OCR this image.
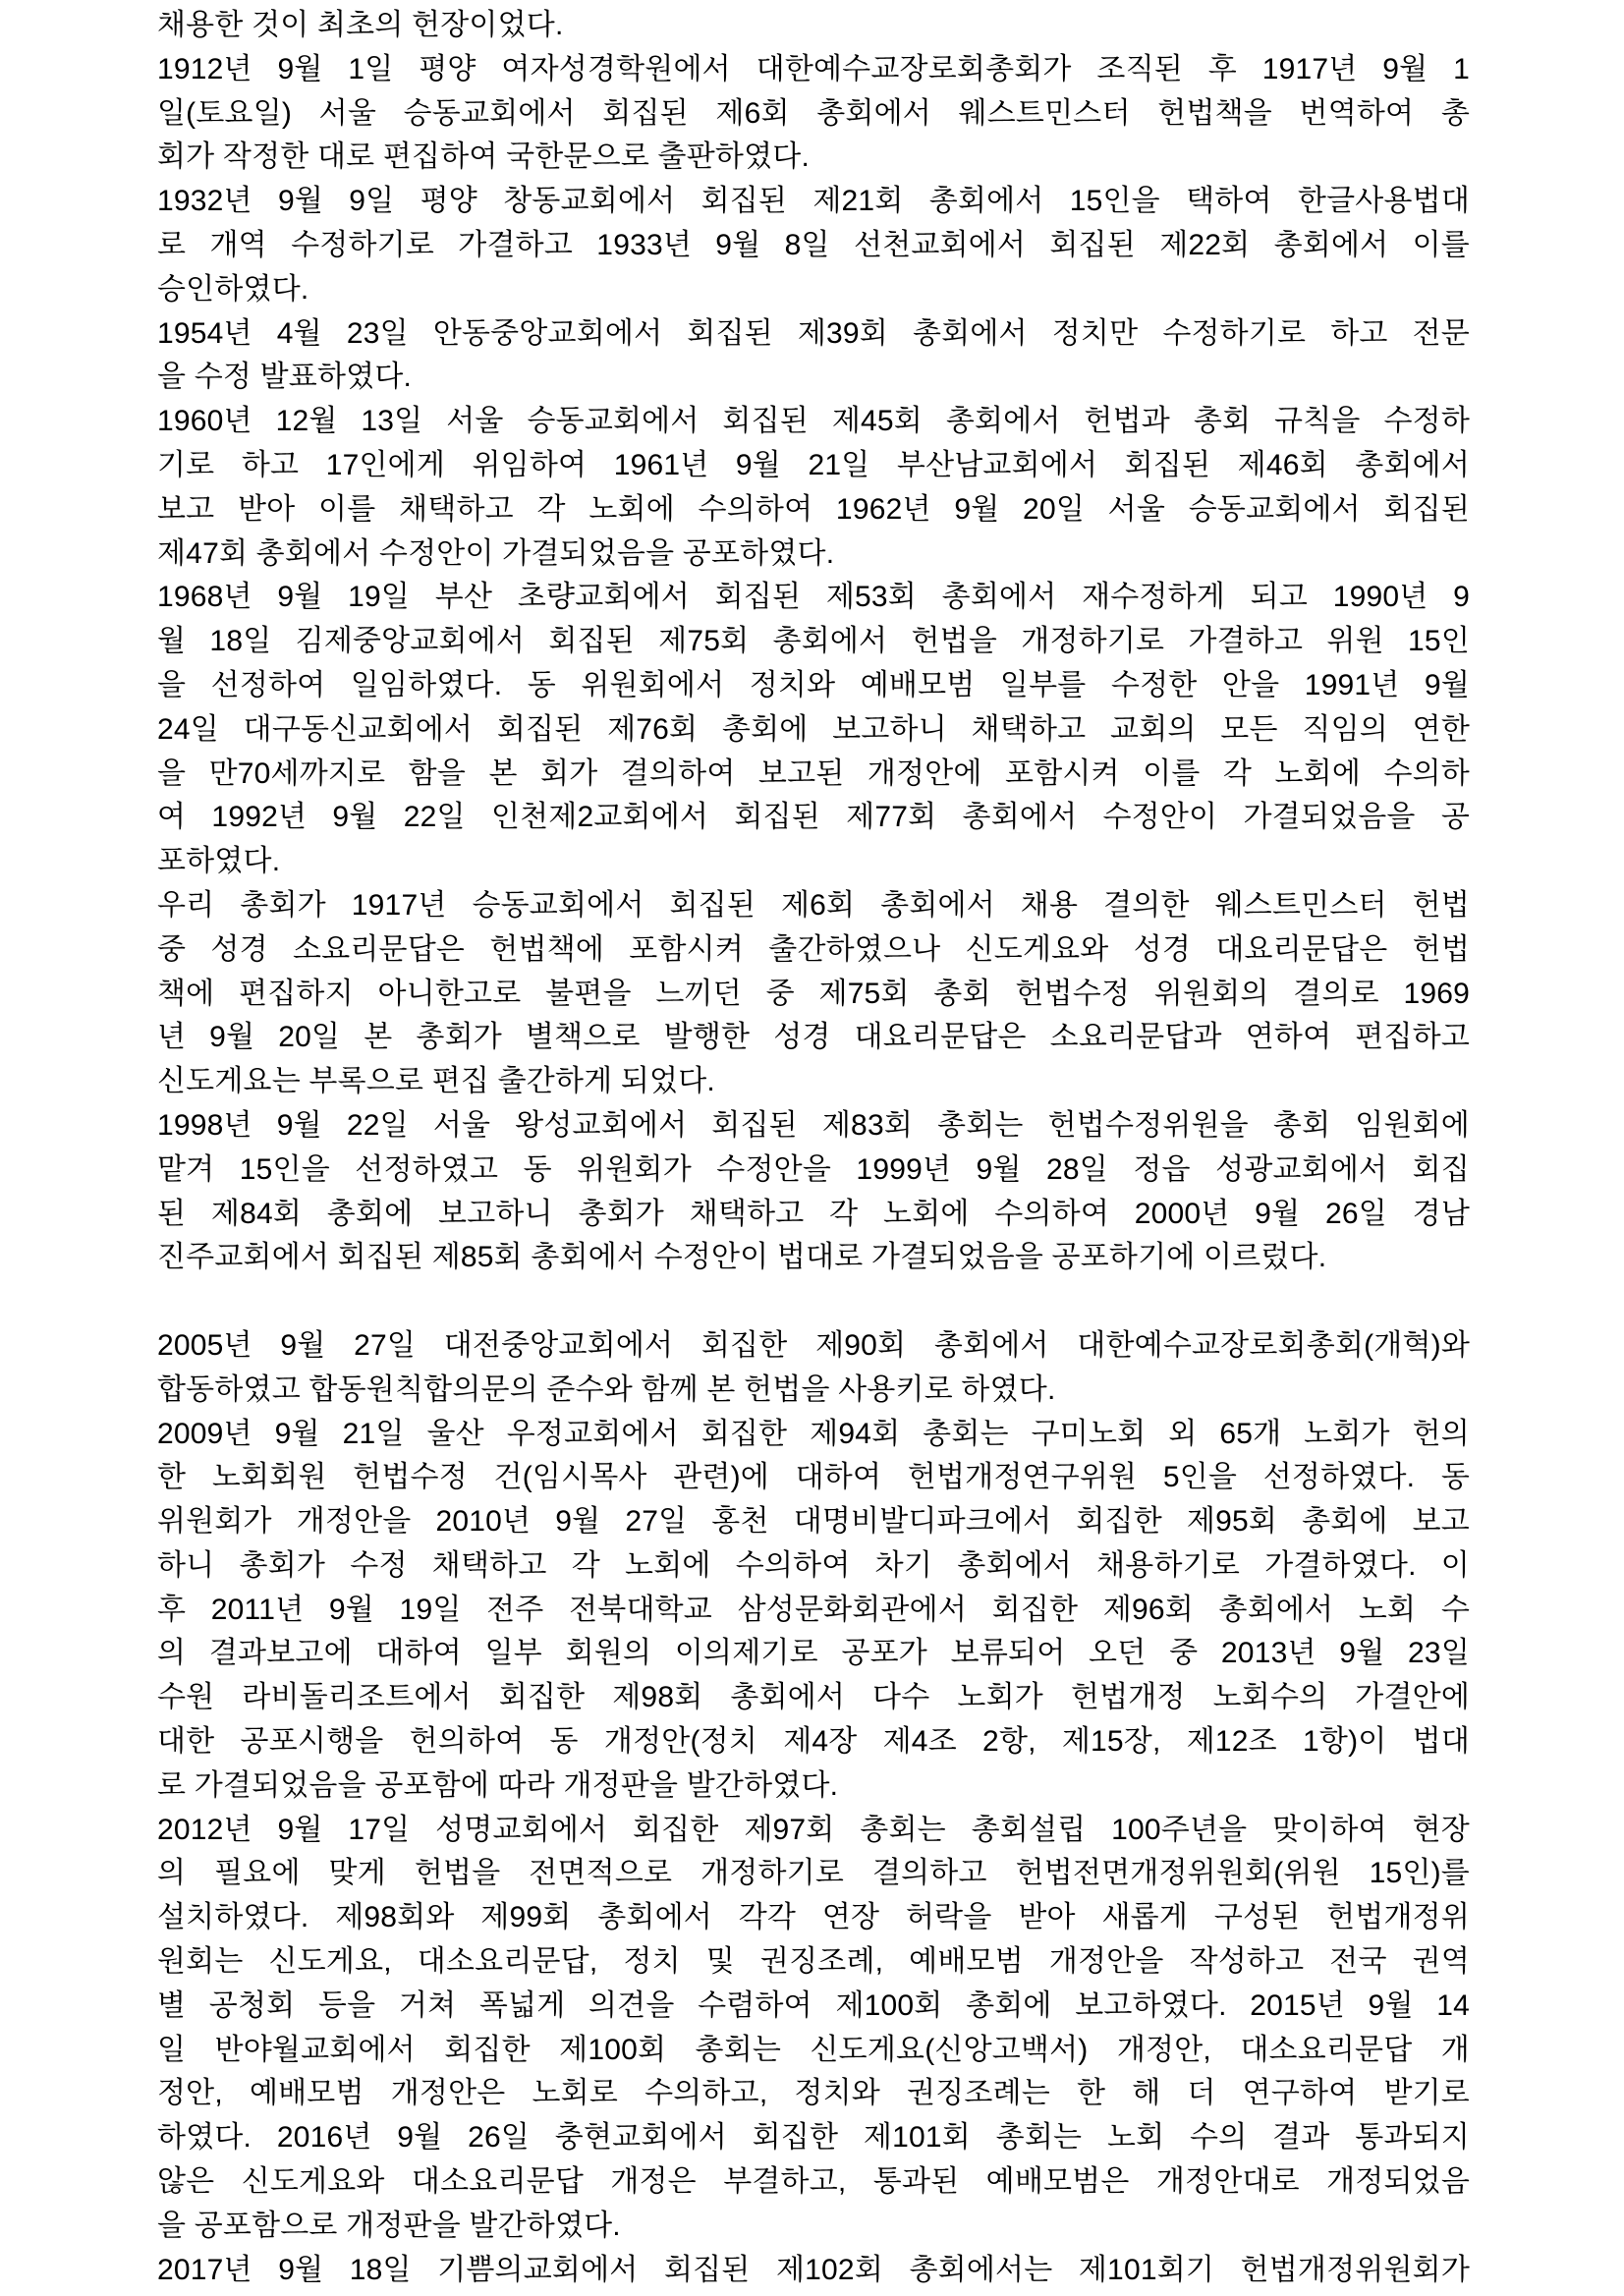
채용한 것이 최초의 헌장이었다.
1912년 9월 1일 평양 여자성경학원에서 대한예수교장로회총회가 조직된 후 1917년 9월 1
일(토요일) 서울 승동교회에서 회집된 제6회 총회에서 웨스트민스터 헌법책을 번역하여 총
회가 작정한 대로 편집하여 국한문으로 출판하였다.
1932년 9월 9일 평양 창동교회에서 회집된 제21회 총회에서 15인을 택하여 한글사용법대
로 개역 수정하기로 가결하고 1933년 9월 8일 선천교회에서 회집된 제22회 총회에서 이를
승인하였다.
1954년 4월 23일 안동중앙교회에서 회집된 제39회 총회에서 정치만 수정하기로 하고 전문
을 수정 발표하였다.
1960년 12월 13일 서울 승동교회에서 회집된 제45회 총회에서 헌법과 총회 규칙을 수정하
기로 하고 17인에게 위임하여 1961년 9월 21일 부산남교회에서 회집된 제46회 총회에서
보고 받아 이를 채택하고 각 노회에 수의하여 1962년 9월 20일 서울 승동교회에서 회집된
제47회 총회에서 수정안이 가결되었음을 공포하였다.
1968년 9월 19일 부산 초량교회에서 회집된 제53회 총회에서 재수정하게 되고 1990년 9
월 18일 김제중앙교회에서 회집된 제75회 총회에서 헌법을 개정하기로 가결하고 위원 15인
을 선정하여 일임하였다. 동 위원회에서 정치와 예배모범 일부를 수정한 안을 1991년 9월
24일 대구동신교회에서 회집된 제76회 총회에 보고하니 채택하고 교회의 모든 직임의 연한
을 만70세까지로 함을 본 회가 결의하여 보고된 개정안에 포함시켜 이를 각 노회에 수의하
여 1992년 9월 22일 인천제2교회에서 회집된 제77회 총회에서 수정안이 가결되었음을 공
포하였다.
우리 총회가 1917년 승동교회에서 회집된 제6회 총회에서 채용 결의한 웨스트민스터 헌법
중 성경 소요리문답은 헌법책에 포함시켜 출간하였으나 신도게요와 성경 대요리문답은 헌법
책에 편집하지 아니한고로 불편을 느끼던 중 제75회 총회 헌법수정 위원회의 결의로 1969
년 9월 20일 본 총회가 별책으로 발행한 성경 대요리문답은 소요리문답과 연하여 편집하고
신도게요는 부록으로 편집 출간하게 되었다.
1998년 9월 22일 서울 왕성교회에서 회집된 제83회 총회는 헌법수정위원을 총회 임원회에
맡겨 15인을 선정하였고 동 위원회가 수정안을 1999년 9월 28일 정읍 성광교회에서 회집
된 제84회 총회에 보고하니 총회가 채택하고 각 노회에 수의하여 2000년 9월 26일 경남
진주교회에서 회집된 제85회 총회에서 수정안이 법대로 가결되었음을 공포하기에 이르렀다.
2005년 9월 27일 대전중앙교회에서 회집한 제90회 총회에서 대한예수교장로회총회(개혁)와
합동하였고 합동원칙합의문의 준수와 함께 본 헌법을 사용키로 하였다.
2009년 9월 21일 울산 우정교회에서 회집한 제94회 총회는 구미노회 외 65개 노회가 헌의
한 노회회원 헌법수정 건(임시목사 관련)에 대하여 헌법개정연구위원 5인을 선정하였다. 동
위원회가 개정안을 2010년 9월 27일 홍천 대명비발디파크에서 회집한 제95회 총회에 보고
하니 총회가 수정 채택하고 각 노회에 수의하여 차기 총회에서 채용하기로 가결하였다. 이
후 2011년 9월 19일 전주 전북대학교 삼성문화회관에서 회집한 제96회 총회에서 노회 수
의 결과보고에 대하여 일부 회원의 이의제기로 공포가 보류되어 오던 중 2013년 9월 23일
수원 라비돌리조트에서 회집한 제98회 총회에서 다수 노회가 헌법개정 노회수의 가결안에
대한 공포시행을 헌의하여 동 개정안(정치 제4장 제4조 2항, 제15장, 제12조 1항)이 법대
로 가결되었음을 공포함에 따라 개정판을 발간하였다.
2012년 9월 17일 성명교회에서 회집한 제97회 총회는 총회설립 100주년을 맞이하여 현장
의 필요에 맞게 헌법을 전면적으로 개정하기로 결의하고 헌법전면개정위원회(위원 15인)를
설치하였다. 제98회와 제99회 총회에서 각각 연장 허락을 받아 새롭게 구성된 헌법개정위
원회는 신도게요, 대소요리문답, 정치 및 권징조례, 예배모범 개정안을 작성하고 전국 권역
별 공청회 등을 거쳐 폭넓게 의견을 수렴하여 제100회 총회에 보고하였다. 2015년 9월 14
일 반야월교회에서 회집한 제100회 총회는 신도게요(신앙고백서) 개정안, 대소요리문답 개
정안, 예배모범 개정안은 노회로 수의하고, 정치와 권징조례는 한 해 더 연구하여 받기로
하였다. 2016년 9월 26일 충현교회에서 회집한 제101회 총회는 노회 수의 결과 통과되지
않은 신도게요와 대소요리문답 개정은 부결하고, 통과된 예배모범은 개정안대로 개정되었음
을 공포함으로 개정판을 발간하였다.
2017년 9월 18일 기쁨의교회에서 회집된 제102회 총회에서는 제101회기 헌법개정위원회가
